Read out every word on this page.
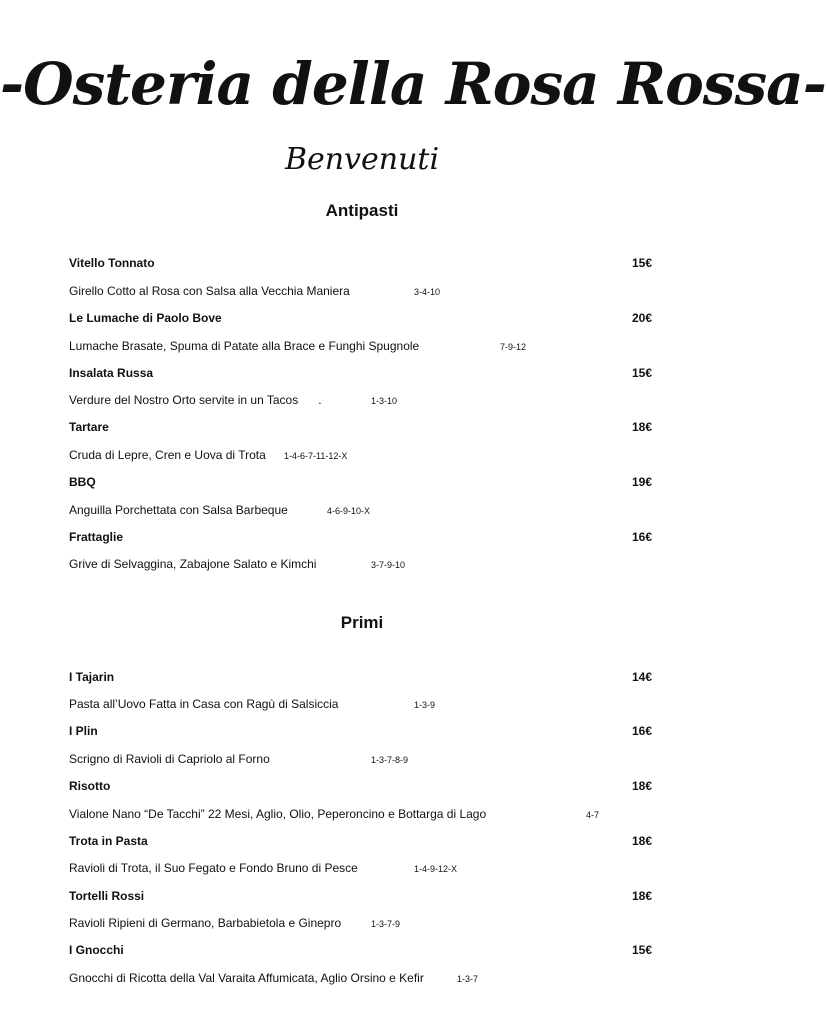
-Osteria della Rosa Rossa-
Benvenuti
Antipasti
Vitello Tonnato	15€
Girello Cotto al Rosa con Salsa alla Vecchia Maniera	3-4-10
Le Lumache di Paolo Bove	20€
Lumache Brasate, Spuma di Patate alla Brace e Funghi Spugnole	7-9-12
Insalata Russa	15€
Verdure del Nostro Orto servite in un Tacos      .	1-3-10
Tartare	18€
Cruda di Lepre, Cren e Uova di Trota 1-4-6-7-11-12-X
BBQ	19€
Anguilla Porchettata con Salsa Barbeque	4-6-9-10-X
Frattaglie	16€
Grive di Selvaggina, Zabajone Salato e Kimchi	3-7-9-10
Primi
I Tajarin	14€
Pasta all’Uovo Fatta in Casa con Ragù di Salsiccia	1-3-9
I Plin	16€
Scrigno di Ravioli di Capriolo al Forno	1-3-7-8-9
Risotto	18€
Vialone Nano “De Tacchi” 22 Mesi, Aglio, Olio, Peperoncino e Bottarga di Lago	4-7
Trota in Pasta	18€
Ravioli di Trota, il Suo Fegato e Fondo Bruno di Pesce	1-4-9-12-X
Tortelli Rossi	18€
Ravioli Ripieni di Germano, Barbabietola e Ginepro	1-3-7-9
I Gnocchi	15€
Gnocchi di Ricotta della Val Varaita Affumicata, Aglio Orsino e Kefir	1-3-7
